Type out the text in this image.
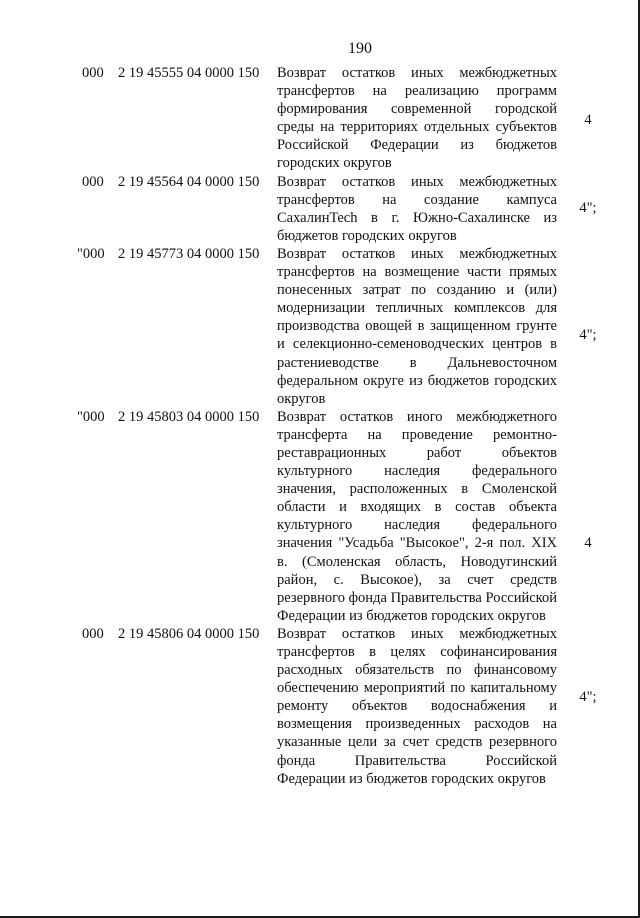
190
000 2 19 45555 04 0000 150 Возврат остатков иных межбюджетных трансфертов на реализацию программ формирования современной городской среды на территориях отдельных субъектов Российской Федерации из бюджетов городских округов
4
000 2 19 45564 04 0000 150 Возврат остатков иных межбюджетных трансфертов на создание кампуса СахалинTech в г. Южно-Сахалинске из бюджетов городских округов
4";
"000 2 19 45773 04 0000 150 Возврат остатков иных межбюджетных трансфертов на возмещение части прямых понесенных затрат по созданию и (или) модернизации тепличных комплексов для производства овощей в защищенном грунте и селекционно-семеноводческих центров в растениеводстве в Дальневосточном федеральном округе из бюджетов городских округов
4";
"000 2 19 45803 04 0000 150 Возврат остатков иного межбюджетного трансферта на проведение ремонтно-реставрационных работ объектов культурного наследия федерального значения, расположенных в Смоленской области и входящих в состав объекта культурного наследия федерального значения "Усадьба "Высокое", 2-я пол. XIX в. (Смоленская область, Новодугинский район, с. Высокое), за счет средств резервного фонда Правительства Российской Федерации из бюджетов городских округов
4
000 2 19 45806 04 0000 150 Возврат остатков иных межбюджетных трансфертов в целях софинансирования расходных обязательств по финансовому обеспечению мероприятий по капитальному ремонту объектов водоснабжения и возмещения произведенных расходов на указанные цели за счет средств резервного фонда Правительства Российской Федерации из бюджетов городских округов
4";
